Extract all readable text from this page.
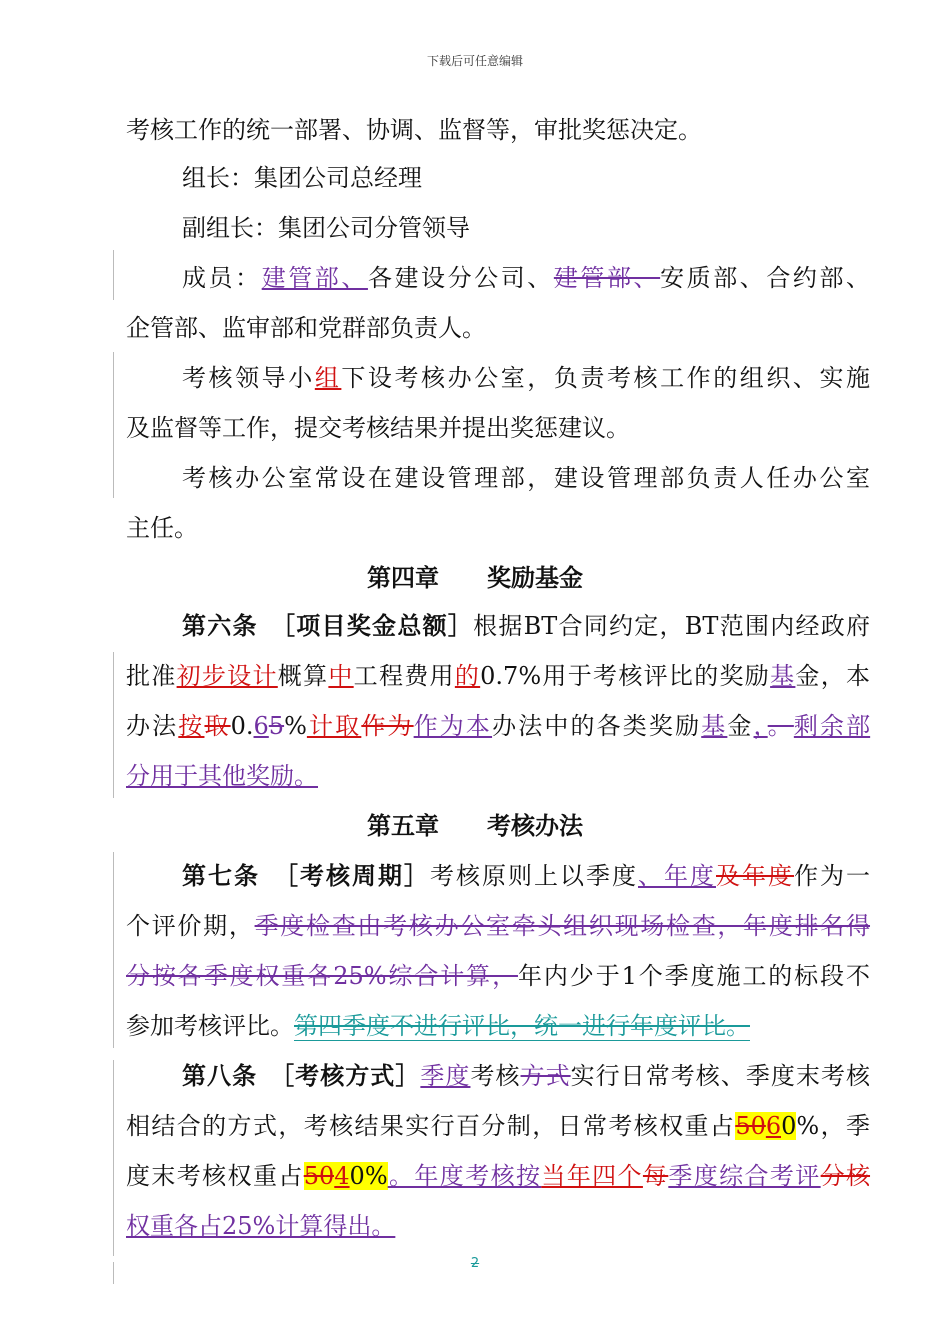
下载后可任意编辑
考核工作的统一部署、协调、监督等，审批奖惩决定。
组长：集团公司总经理
副组长：集团公司分管领导
成员：建管部、各建设分公司、建管部、安质部、合约部、
企管部、监审部和党群部负责人。
考核领导小组下设考核办公室，负责考核工作的组织、实施
及监督等工作，提交考核结果并提出奖惩建议。
考核办公室常设在建设管理部，建设管理部负责人任办公室
主任。
第四章　　奖励基金
第六条　［项目奖金总额］根据BT合同约定，BT范围内经政府
批准初步设计概算中工程费用的0.7%用于考核评比的奖励基金，本
办法按取0.65%计取作为作为本办法中的各类奖励基金，。剩余部
分用于其他奖励。
第五章　　考核办法
第七条　［考核周期］考核原则上以季度、年度及年度作为一
个评价期，季度检查由考核办公室牵头组织现场检查，年度排名得
分按各季度权重各25%综合计算，年内少于1个季度施工的标段不
参加考核评比。第四季度不进行评比，统一进行年度评比。
第八条　［考核方式］季度考核方式实行日常考核、季度末考核
相结合的方式，考核结果实行百分制，日常考核权重占5060%，季
度末考核权重占5040%。年度考核按当年四个每季度综合考评分核
权重各占25%计算得出。
2
